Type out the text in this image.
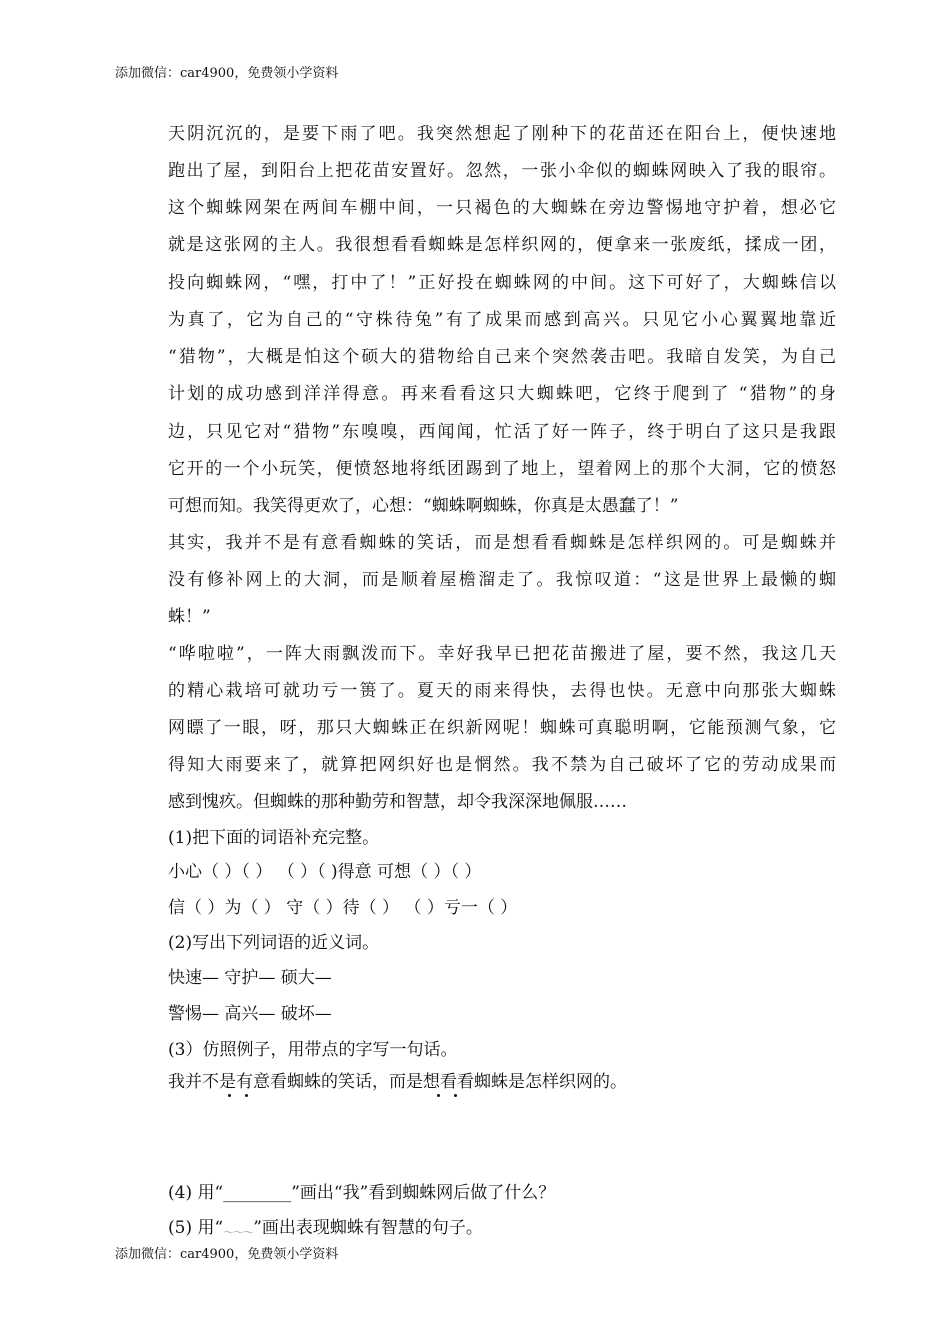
添加微信：car4900，免费领小学资料
天阴沉沉的，是要下雨了吧。我突然想起了刚种下的花苗还在阳台上，便快速地
跑出了屋，到阳台上把花苗安置好。忽然，一张小伞似的蜘蛛网映入了我的眼帘。
这个蜘蛛网架在两间车棚中间，一只褐色的大蜘蛛在旁边警惕地守护着，想必它
就是这张网的主人。我很想看看蜘蛛是怎样织网的，便拿来一张废纸，揉成一团，
投向蜘蛛网，“嘿，打中了！”正好投在蜘蛛网的中间。这下可好了，大蜘蛛信以
为真了，它为自己的“守株待兔”有了成果而感到高兴。只见它小心翼翼地靠近
“猎物”，大概是怕这个硕大的猎物给自己来个突然袭击吧。我暗自发笑，为自己
计划的成功感到洋洋得意。再来看看这只大蜘蛛吧，它终于爬到了 “猎物”的身
边，只见它对“猎物”东嗅嗅，西闻闻，忙活了好一阵子，终于明白了这只是我跟
它开的一个小玩笑，便愤怒地将纸团踢到了地上，望着网上的那个大洞，它的愤怒
可想而知。我笑得更欢了，心想：“蜘蛛啊蜘蛛，你真是太愚蠢了！”
其实，我并不是有意看蜘蛛的笑话，而是想看看蜘蛛是怎样织网的。可是蜘蛛并
没有修补网上的大洞，而是顺着屋檐溜走了。我惊叹道：“这是世界上最懒的蜘
蛛！”
“哗啦啦”，一阵大雨飘泼而下。幸好我早已把花苗搬进了屋，要不然，我这几天
的精心栽培可就功亏一篑了。夏天的雨来得快，去得也快。无意中向那张大蜘蛛
网瞟了一眼，呀，那只大蜘蛛正在织新网呢！蜘蛛可真聪明啊，它能预测气象，它
得知大雨要来了，就算把网织好也是惘然。我不禁为自己破坏了它的劳动成果而
感到愧疚。但蜘蛛的那种勤劳和智慧，却令我深深地佩服……
(1)把下面的词语补充完整。
小心（ ）（ ） （ ）（ )得意 可想（ ）（ ）
信（ ）为（ ） 守（ ）待（ ） （ ）亏一（ ）
(2)写出下列词语的近义词。
快速— 守护— 硕大—
警惕— 高兴— 破坏—
(3）仿照例子，用带点的字写一句话。
我并不是有意看蜘蛛的笑话，而是想看看蜘蛛是怎样织网的。
(4) 用“________”画出“我”看到蜘蛛网后做了什么？
(5) 用“～～～”画出表现蜘蛛有智慧的句子。
添加微信：car4900，免费领小学资料
